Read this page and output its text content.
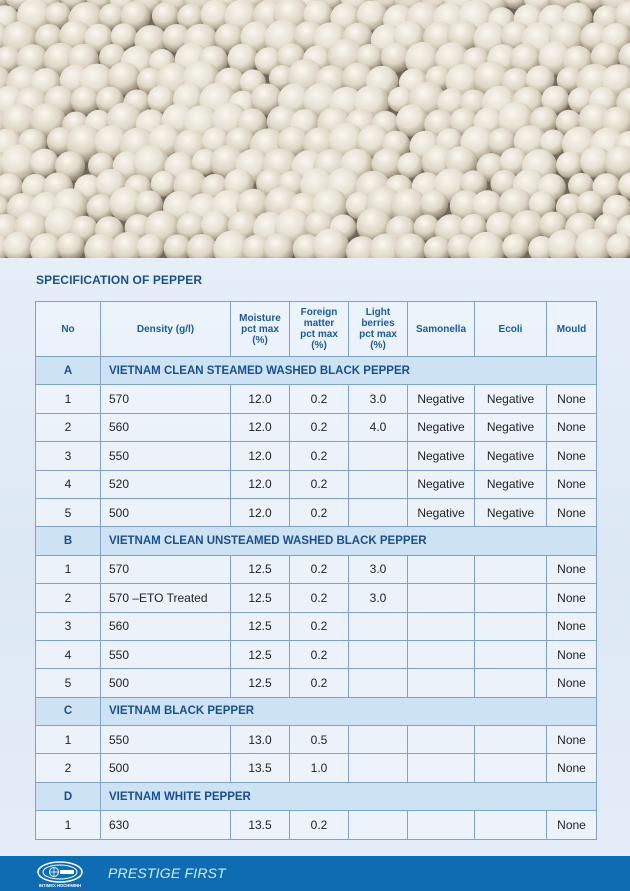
SPECIFICATION OF PEPPER
No	Density (g/l)	Moisture
pct max
(%)	Foreign
matter
pct max
(%)	Light
berries
pct max
(%)	Samonella	Ecoli	Mould
A	VIETNAM CLEAN STEAMED WASHED BLACK PEPPER						
1	570	12.0	0.2	3.0	Negative	Negative	None
2	560	12.0	0.2	4.0	Negative	Negative	None
3	550	12.0	0.2		Negative	Negative	None
4	520	12.0	0.2		Negative	Negative	None
5	500	12.0	0.2		Negative	Negative	None
B	VIETNAM CLEAN UNSTEAMED WASHED BLACK PEPPER						
1	570	12.5	0.2	3.0			None
2	570 –ETO Treated	12.5	0.2	3.0			None
3	560	12.5	0.2				None
4	550	12.5	0.2				None
5	500	12.5	0.2				None
C	VIETNAM BLACK PEPPER						
1	550	13.0	0.5				None
2	500	13.5	1.0				None
D	VIETNAM WHITE PEPPER						
1	630	13.5	0.2				None
INTIMEX HOCHIMINH
PRESTIGE FIRST
